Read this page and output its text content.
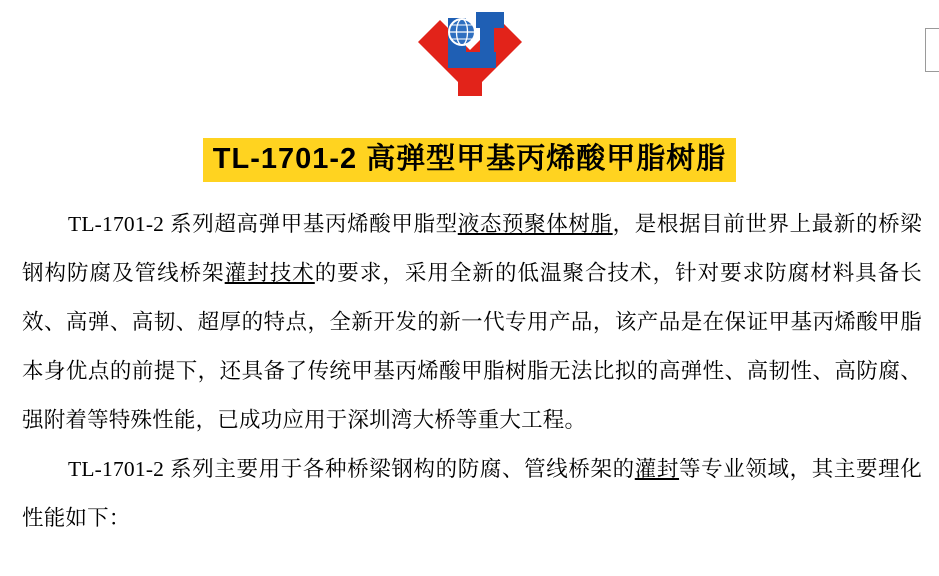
TL-1701-2 高弹型甲基丙烯酸甲脂树脂

TL-1701-2 系列超高弹甲基丙烯酸甲脂型液态预聚体树脂，是根据目前世界上最新的桥梁钢构防腐及管线桥架灌封技术的要求，采用全新的低温聚合技术，针对要求防腐材料具备长效、高弹、高韧、超厚的特点，全新开发的新一代专用产品，该产品是在保证甲基丙烯酸甲脂本身优点的前提下，还具备了传统甲基丙烯酸甲脂树脂无法比拟的高弹性、高韧性、高防腐、强附着等特殊性能，已成功应用于深圳湾大桥等重大工程。

TL-1701-2 系列主要用于各种桥梁钢构的防腐、管线桥架的灌封等专业领域，其主要理化性能如下：
